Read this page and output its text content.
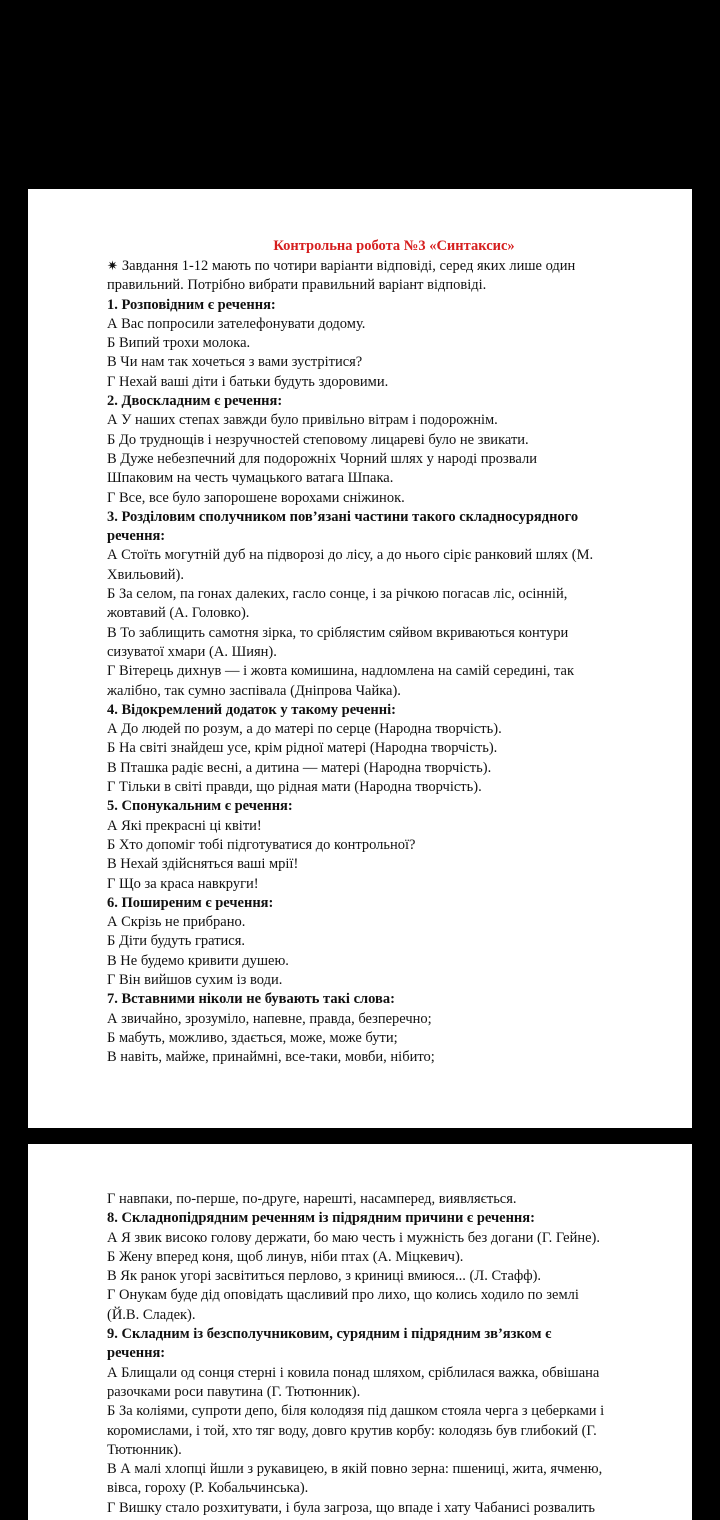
Контрольна робота №3 «Синтаксис»
✷ Завдання 1-12 мають по чотири варіанти відповіді, серед яких лише один
правильний. Потрібно вибрати правильний варіант відповіді.
1. Розповідним є речення:
А Вас попросили зателефонувати додому.
Б Випий трохи молока.
В Чи нам так хочеться з вами зустрітися?
Г Нехай ваші діти і батьки будуть здоровими.
2. Двоскладним є речення:
А У наших степах завжди було привільно вітрам і подорожнім.
Б До труднощів і незручностей степовому лицареві було не звикати.
В Дуже небезпечний для подорожніх Чорний шлях у народі прозвали
Шпаковим на честь чумацького ватага Шпака.
Г Все, все було запорошене ворохами сніжинок.
3. Розділовим сполучником пов’язані частини такого складносурядного
речення:
А Стоїть могутній дуб на підворозі до лісу, а до нього сіріє ранковий шлях (М.
Хвильовий).
Б За селом, па гонах далеких, гасло сонце, і за річкою погасав ліс, осінній,
жовтавий (А. Головко).
В То заблищить самотня зірка, то сріблястим сяйвом вкриваються контури
сизуватої хмари (А. Шиян).
Г Вітерець дихнув — і жовта комишина, надломлена на самій середині, так
жалібно, так сумно заспівала (Дніпрова Чайка).
4. Відокремлений додаток у такому реченні:
А До людей по розум, а до матері по серце (Народна творчість).
Б На світі знайдеш усе, крім рідної матері (Народна творчість).
В Пташка радіє весні, а дитина — матері (Народна творчість).
Г Тільки в світі правди, що рідная мати (Народна творчість).
5. Спонукальним є речення:
А Які прекрасні ці квіти!
Б Хто допоміг тобі підготуватися до контрольної?
В Нехай здійсняться ваші мрії!
Г Що за краса навкруги!
6. Поширеним є речення:
А Скрізь не прибрано.
Б Діти будуть гратися.
В Не будемо кривити душею.
Г Він вийшов сухим із води.
7. Вставними ніколи не бувають такі слова:
А звичайно, зрозуміло, напевне, правда, безперечно;
Б мабуть, можливо, здається, може, може бути;
В навіть, майже, принаймні, все-таки, мовби, нібито;
Г навпаки, по-перше, по-друге, нарешті, насамперед, виявляється.
8. Складнопідрядним реченням із підрядним причини є речення:
А Я звик високо голову держати, бо маю честь і мужність без догани (Г. Гейне).
Б Жену вперед коня, щоб линув, ніби птах (А. Міцкевич).
В Як ранок угорі засвітиться перлово, з криниці вмиюся... (Л. Стафф).
Г Онукам буде дід оповідать щасливий про лихо, що колись ходило по землі
(Й.В. Сладек).
9. Складним із безсполучниковим, сурядним і підрядним зв’язком є
речення:
А Блищали од сонця стерні і ковила понад шляхом, сріблилася важка, обвішана
разочками роси павутина (Г. Тютюнник).
Б За коліями, супроти депо, біля колодязя під дашком стояла черга з цеберками і
коромислами, і той, хто тяг воду, довго крутив корбу: колодязь був глибокий (Г.
Тютюнник).
В А малі хлопці йшли з рукавицею, в якій повно зерна: пшениці, жита, ячменю,
вівса, гороху (Р. Кобальчинська).
Г Вишку стало розхитувати, і була загроза, що впаде і хату Чабанисі розвалить
